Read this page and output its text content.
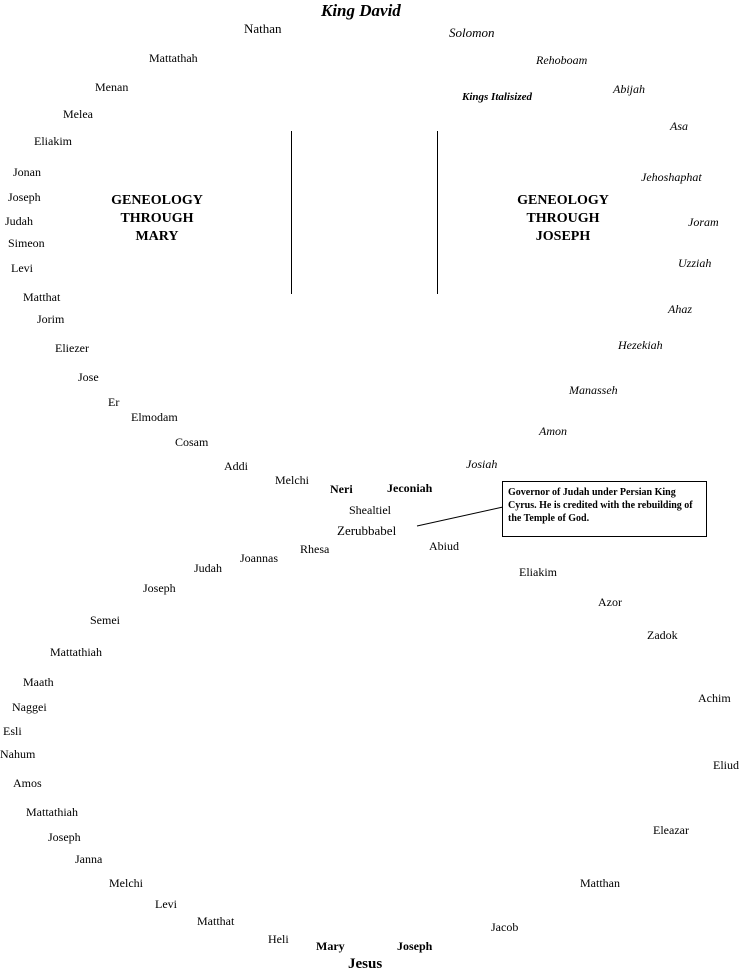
King David
Kings Italisized
GENEOLOGY
THROUGH
MARY
GENEOLOGY
THROUGH
JOSEPH
Nathan
Mattathah
Menan
Melea
Eliakim
Jonan
Joseph
Judah
Simeon
Levi
Matthat
Jorim
Eliezer
Jose
Er
Elmodam
Cosam
Addi
Melchi
Neri
Solomon
Rehoboam
Abijah
Asa
Jehoshaphat
Joram
Uzziah
Ahaz
Hezekiah
Manasseh
Amon
Josiah
Jeconiah
Shealtiel
Zerubbabel
Governor of Judah under Persian King Cyrus. He is credited with the rebuilding of the Temple of God.
Rhesa
Joannas
Judah
Joseph
Semei
Mattathiah
Maath
Naggei
Esli
Nahum
Amos
Mattathiah
Joseph
Janna
Melchi
Levi
Matthat
Heli
Abiud
Eliakim
Azor
Zadok
Achim
Eliud
Eleazar
Matthan
Jacob
Mary	Joseph
Jesus
